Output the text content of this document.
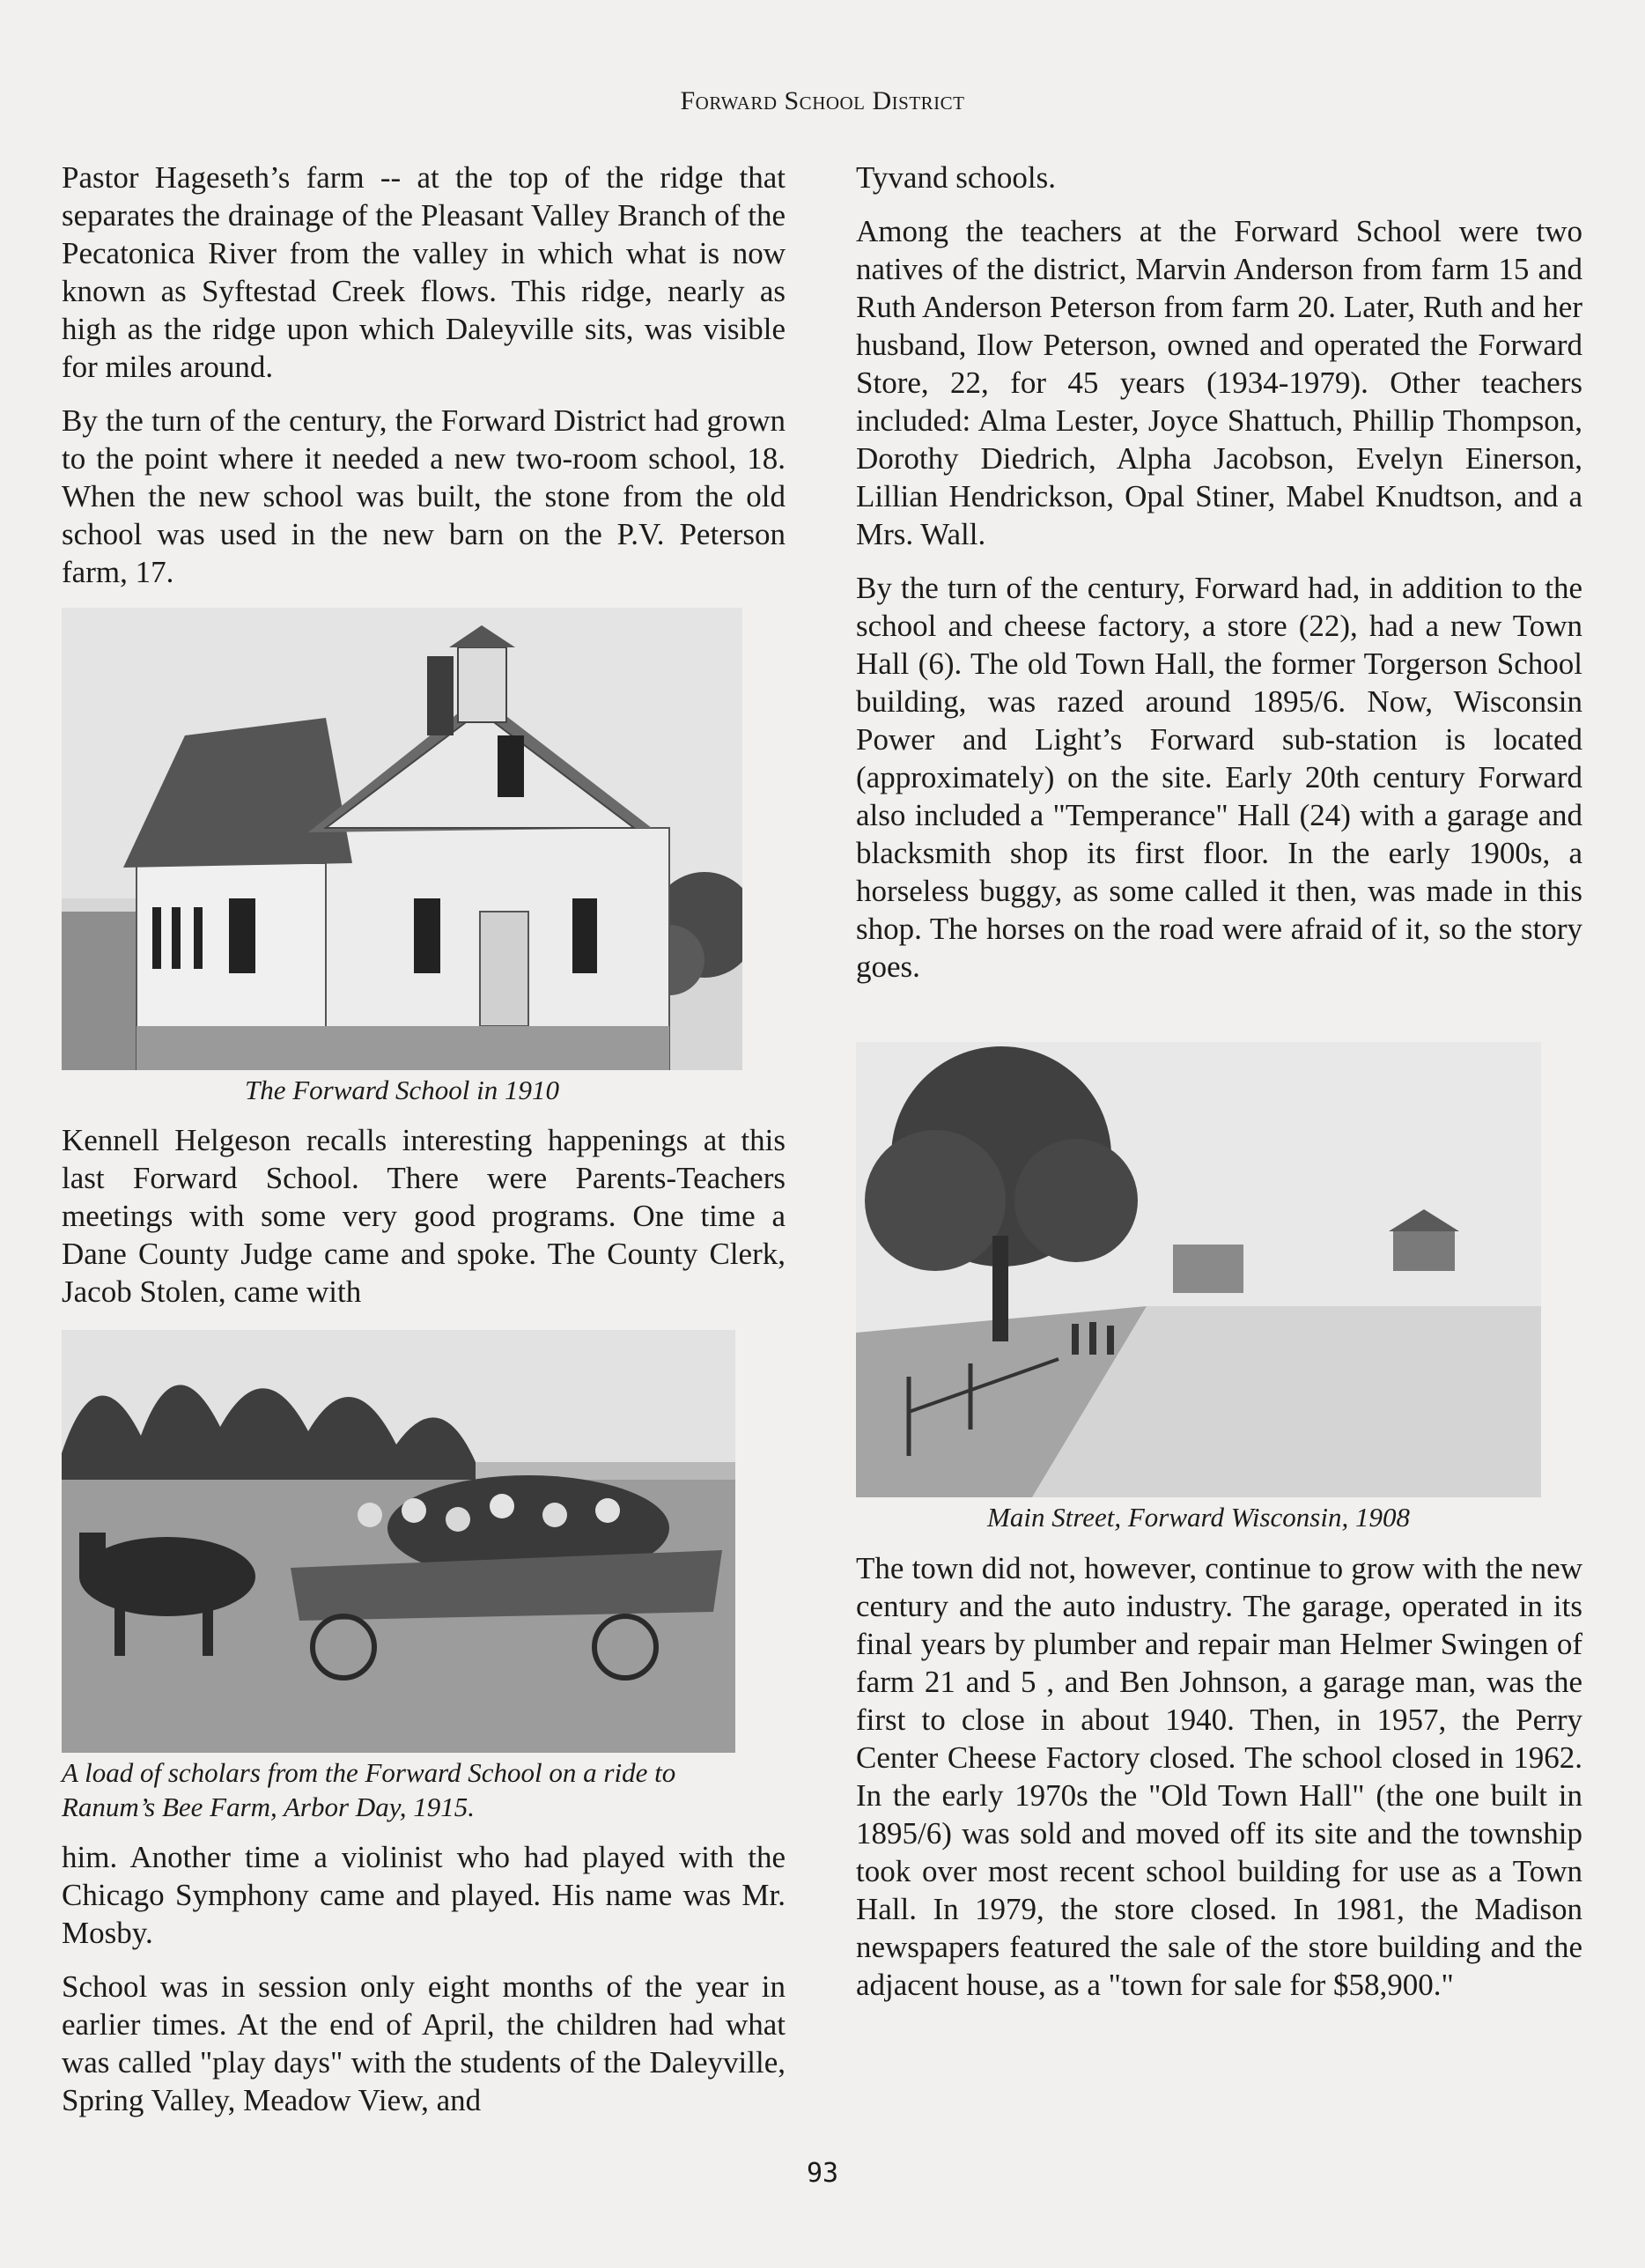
Forward School District

Pastor Hageseth’s farm -- at the top of the ridge that separates the drainage of the Pleasant Valley Branch of the Pecatonica River from the valley in which what is now known as Syftestad Creek flows. This ridge, nearly as high as the ridge upon which Daleyville sits, was visible for miles around.

By the turn of the century, the Forward District had grown to the point where it needed a new two-room school, 18. When the new school was built, the stone from the old school was used in the new barn on the P.V. Peterson farm, 17.

The Forward School in 1910

Kennell Helgeson recalls interesting happenings at this last Forward School. There were Parents-Teachers meetings with some very good programs. One time a Dane County Judge came and spoke. The County Clerk, Jacob Stolen, came with

A load of scholars from the Forward School on a ride to Ranum’s Bee Farm, Arbor Day, 1915.

him. Another time a violinist who had played with the Chicago Symphony came and played. His name was Mr. Mosby.

School was in session only eight months of the year in earlier times. At the end of April, the children had what was called "play days" with the students of the Daleyville, Spring Valley, Meadow View, and

Tyvand schools.

Among the teachers at the Forward School were two natives of the district, Marvin Anderson from farm 15 and Ruth Anderson Peterson from farm 20. Later, Ruth and her husband, Ilow Peterson, owned and operated the Forward Store, 22, for 45 years (1934-1979). Other teachers included: Alma Lester, Joyce Shattuch, Phillip Thompson, Dorothy Diedrich, Alpha Jacobson, Evelyn Einerson, Lillian Hendrickson, Opal Stiner, Mabel Knudtson, and a Mrs. Wall.

By the turn of the century, Forward had, in addition to the school and cheese factory, a store (22), had a new Town Hall (6). The old Town Hall, the former Torgerson School building, was razed around 1895/6. Now, Wisconsin Power and Light’s Forward sub-station is located (approximately) on the site. Early 20th century Forward also included a "Temperance" Hall (24) with a garage and blacksmith shop its first floor. In the early 1900s, a horseless buggy, as some called it then, was made in this shop. The horses on the road were afraid of it, so the story goes.

Main Street, Forward Wisconsin, 1908

The town did not, however, continue to grow with the new century and the auto industry. The garage, operated in its final years by plumber and repair man Helmer Swingen of farm 21 and 5 , and Ben Johnson, a garage man, was the first to close in about 1940. Then, in 1957, the Perry Center Cheese Factory closed. The school closed in 1962. In the early 1970s the "Old Town Hall" (the one built in 1895/6) was sold and moved off its site and the township took over most recent school building for use as a Town Hall. In 1979, the store closed. In 1981, the Madison newspapers featured the sale of the store building and the adjacent house, as a "town for sale for $58,900."

93
